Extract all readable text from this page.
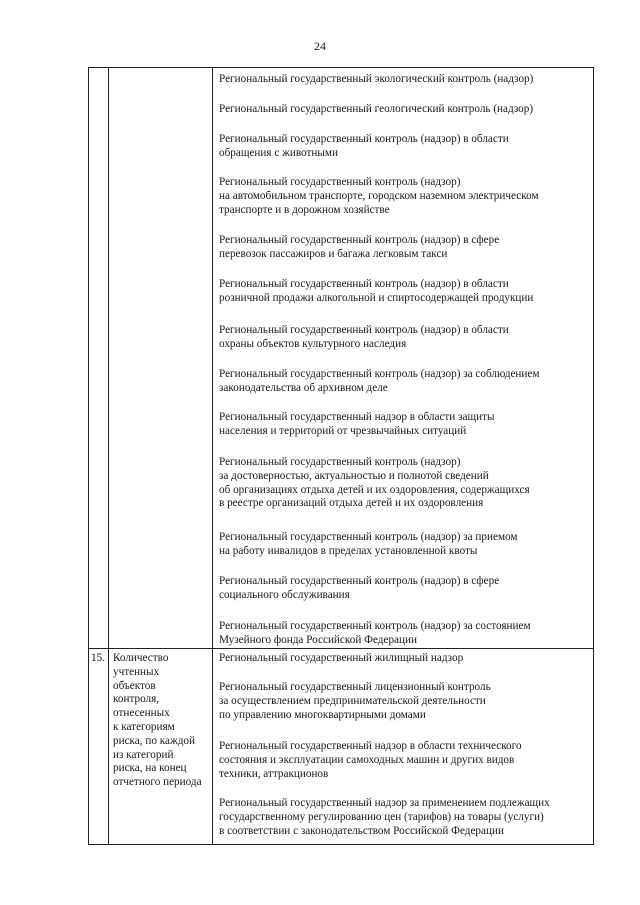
24
Региональный государственный экологический контроль (надзор)
Региональный государственный геологический контроль (надзор)
Региональный государственный контроль (надзор) в области
обращения с животными
Региональный государственный контроль (надзор)
на автомобильном транспорте, городском наземном электрическом
транспорте и в дорожном хозяйстве
Региональный государственный контроль (надзор) в сфере
перевозок пассажиров и багажа легковым такси
Региональный государственный контроль (надзор) в области
розничной продажи алкогольной и спиртосодержащей продукции
Региональный государственный контроль (надзор) в области
охраны объектов культурного наследия
Региональный государственный контроль (надзор) за соблюдением
законодательства об архивном деле
Региональный государственный надзор в области защиты
населения и территорий от чрезвычайных ситуаций
Региональный государственный контроль (надзор)
за достоверностью, актуальностью и полнотой сведений
об организациях отдыха детей и их оздоровления, содержащихся
в реестре организаций отдыха детей и их оздоровления
Региональный государственный контроль (надзор) за приемом
на работу инвалидов в пределах установленной квоты
Региональный государственный контроль (надзор) в сфере
социального обслуживания
Региональный государственный контроль (надзор) за состоянием
Музейного фонда Российской Федерации
15. Количество
учтенных
объектов
контроля,
отнесенных
к категориям
риска, по каждой
из категорий
риска, на конец
отчетного периода
Региональный государственный жилищный надзор
Региональный государственный лицензионный контроль
за осуществлением предпринимательской деятельности
по управлению многоквартирными домами
Региональный государственный надзор в области технического
состояния и эксплуатации самоходных машин и других видов
техники, аттракционов
Региональный государственный надзор за применением подлежащих
государственному регулированию цен (тарифов) на товары (услуги)
в соответствии с законодательством Российской Федерации
